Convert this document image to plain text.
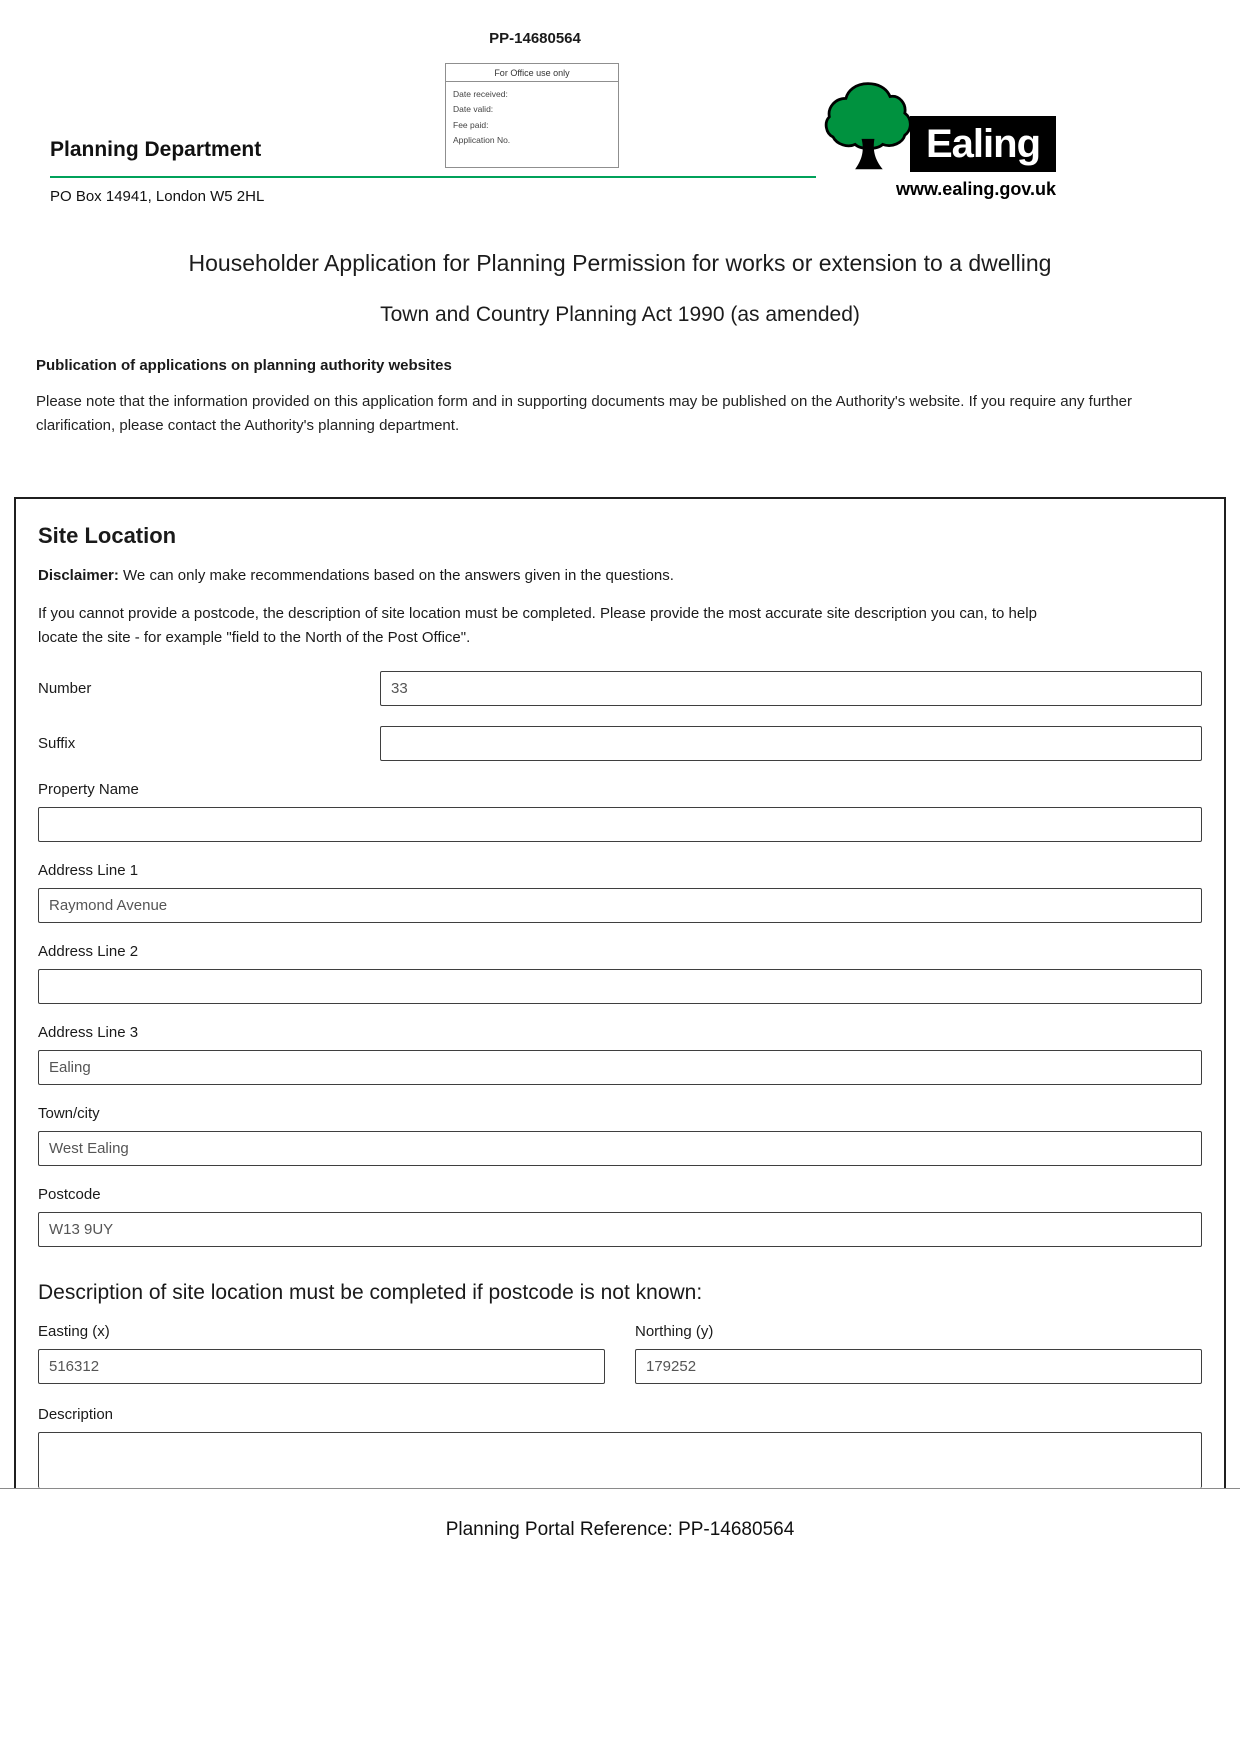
PP-14680564
For Office use only
Date received:
Date valid:
Fee paid:
Application No.
Planning Department
PO Box 14941, London W5 2HL
Ealing
www.ealing.gov.uk
Householder Application for Planning Permission for works or extension to a dwelling
Town and Country Planning Act 1990 (as amended)
Publication of applications on planning authority websites

Please note that the information provided on this application form and in supporting documents may be published on the Authority's website. If you require any further clarification, please contact the Authority's planning department.

Site Location

Disclaimer: We can only make recommendations based on the answers given in the questions.

If you cannot provide a postcode, the description of site location must be completed. Please provide the most accurate site description you can, to help locate the site - for example "field to the North of the Post Office".

Number
33
Suffix
Property Name
Address Line 1
Raymond Avenue
Address Line 2
Address Line 3
Ealing
Town/city
West Ealing
Postcode
W13 9UY
Description of site location must be completed if postcode is not known:
Easting (x)
516312	Northing (y)
179252
Description
Planning Portal Reference: PP-14680564
